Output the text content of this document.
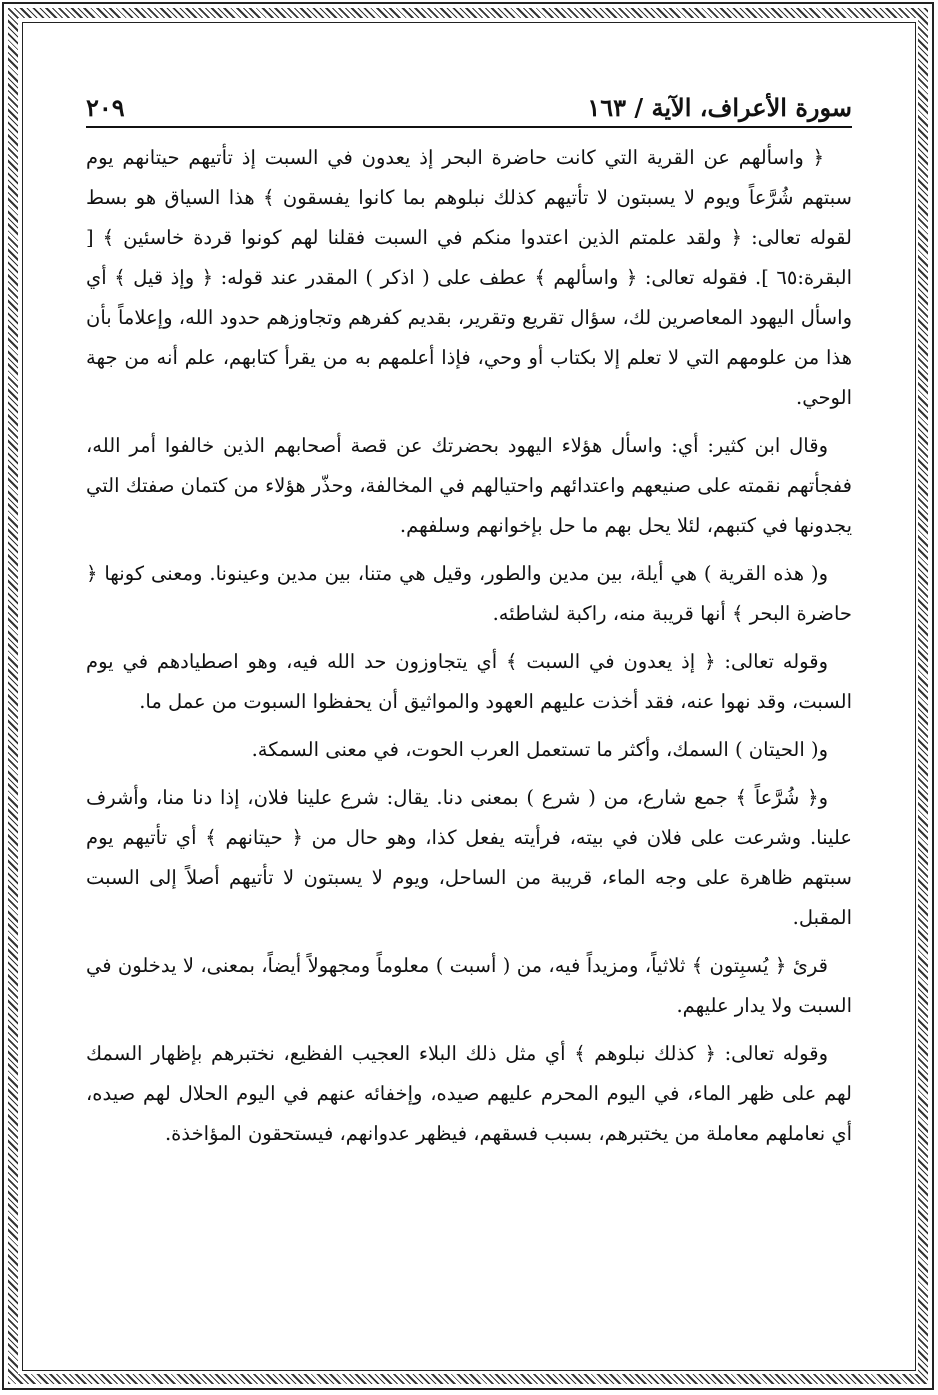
سورة الأعراف، الآية / ١٦٣
٢٠٩

﴿ واسألهم عن القرية التي كانت حاضرة البحر إذ يعدون في السبت إذ تأتيهم حيتانهم يوم سبتهم شُرَّعاً ويوم لا يسبتون لا تأتيهم كذلك نبلوهم بما كانوا يفسقون ﴾ هذا السياق هو بسط لقوله تعالى: ﴿ ولقد علمتم الذين اعتدوا منكم في السبت فقلنا لهم كونوا قردة خاسئين ﴾ [ البقرة:٦٥ ]. فقوله تعالى: ﴿ واسألهم ﴾ عطف على ( اذكر ) المقدر عند قوله: ﴿ وإذ قيل ﴾ أي واسأل اليهود المعاصرين لك، سؤال تقريع وتقرير، بقديم كفرهم وتجاوزهم حدود الله، وإعلاماً بأن هذا من علومهم التي لا تعلم إلا بكتاب أو وحي، فإذا أعلمهم به من يقرأ كتابهم، علم أنه من جهة الوحي.

وقال ابن كثير: أي: واسأل هؤلاء اليهود بحضرتك عن قصة أصحابهم الذين خالفوا أمر الله، ففجأتهم نقمته على صنيعهم واعتدائهم واحتيالهم في المخالفة، وحذّر هؤلاء من كتمان صفتك التي يجدونها في كتبهم، لئلا يحل بهم ما حل بإخوانهم وسلفهم.

و( هذه القرية ) هي أيلة، بين مدين والطور، وقيل هي متنا، بين مدين وعينونا. ومعنى كونها ﴿ حاضرة البحر ﴾ أنها قريبة منه، راكبة لشاطئه.

وقوله تعالى: ﴿ إذ يعدون في السبت ﴾ أي يتجاوزون حد الله فيه، وهو اصطيادهم في يوم السبت، وقد نهوا عنه، فقد أخذت عليهم العهود والمواثيق أن يحفظوا السبوت من عمل ما.

و( الحيتان ) السمك، وأكثر ما تستعمل العرب الحوت، في معنى السمكة.

و﴿ شُرَّعاً ﴾ جمع شارع، من ( شرع ) بمعنى دنا. يقال: شرع علينا فلان، إذا دنا منا، وأشرف علينا. وشرعت على فلان في بيته، فرأيته يفعل كذا، وهو حال من ﴿ حيتانهم ﴾ أي تأتيهم يوم سبتهم ظاهرة على وجه الماء، قريبة من الساحل، ويوم لا يسبتون لا تأتيهم أصلاً إلى السبت المقبل.

قرئ ﴿ يُسبِتون ﴾ ثلاثياً، ومزيداً فيه، من ( أسبت ) معلوماً ومجهولاً أيضاً، بمعنى، لا يدخلون في السبت ولا يدار عليهم.

وقوله تعالى: ﴿ كذلك نبلوهم ﴾ أي مثل ذلك البلاء العجيب الفظيع، نختبرهم بإظهار السمك لهم على ظهر الماء، في اليوم المحرم عليهم صيده، وإخفائه عنهم في اليوم الحلال لهم صيده، أي نعاملهم معاملة من يختبرهم، بسبب فسقهم، فيظهر عدوانهم، فيستحقون المؤاخذة.
